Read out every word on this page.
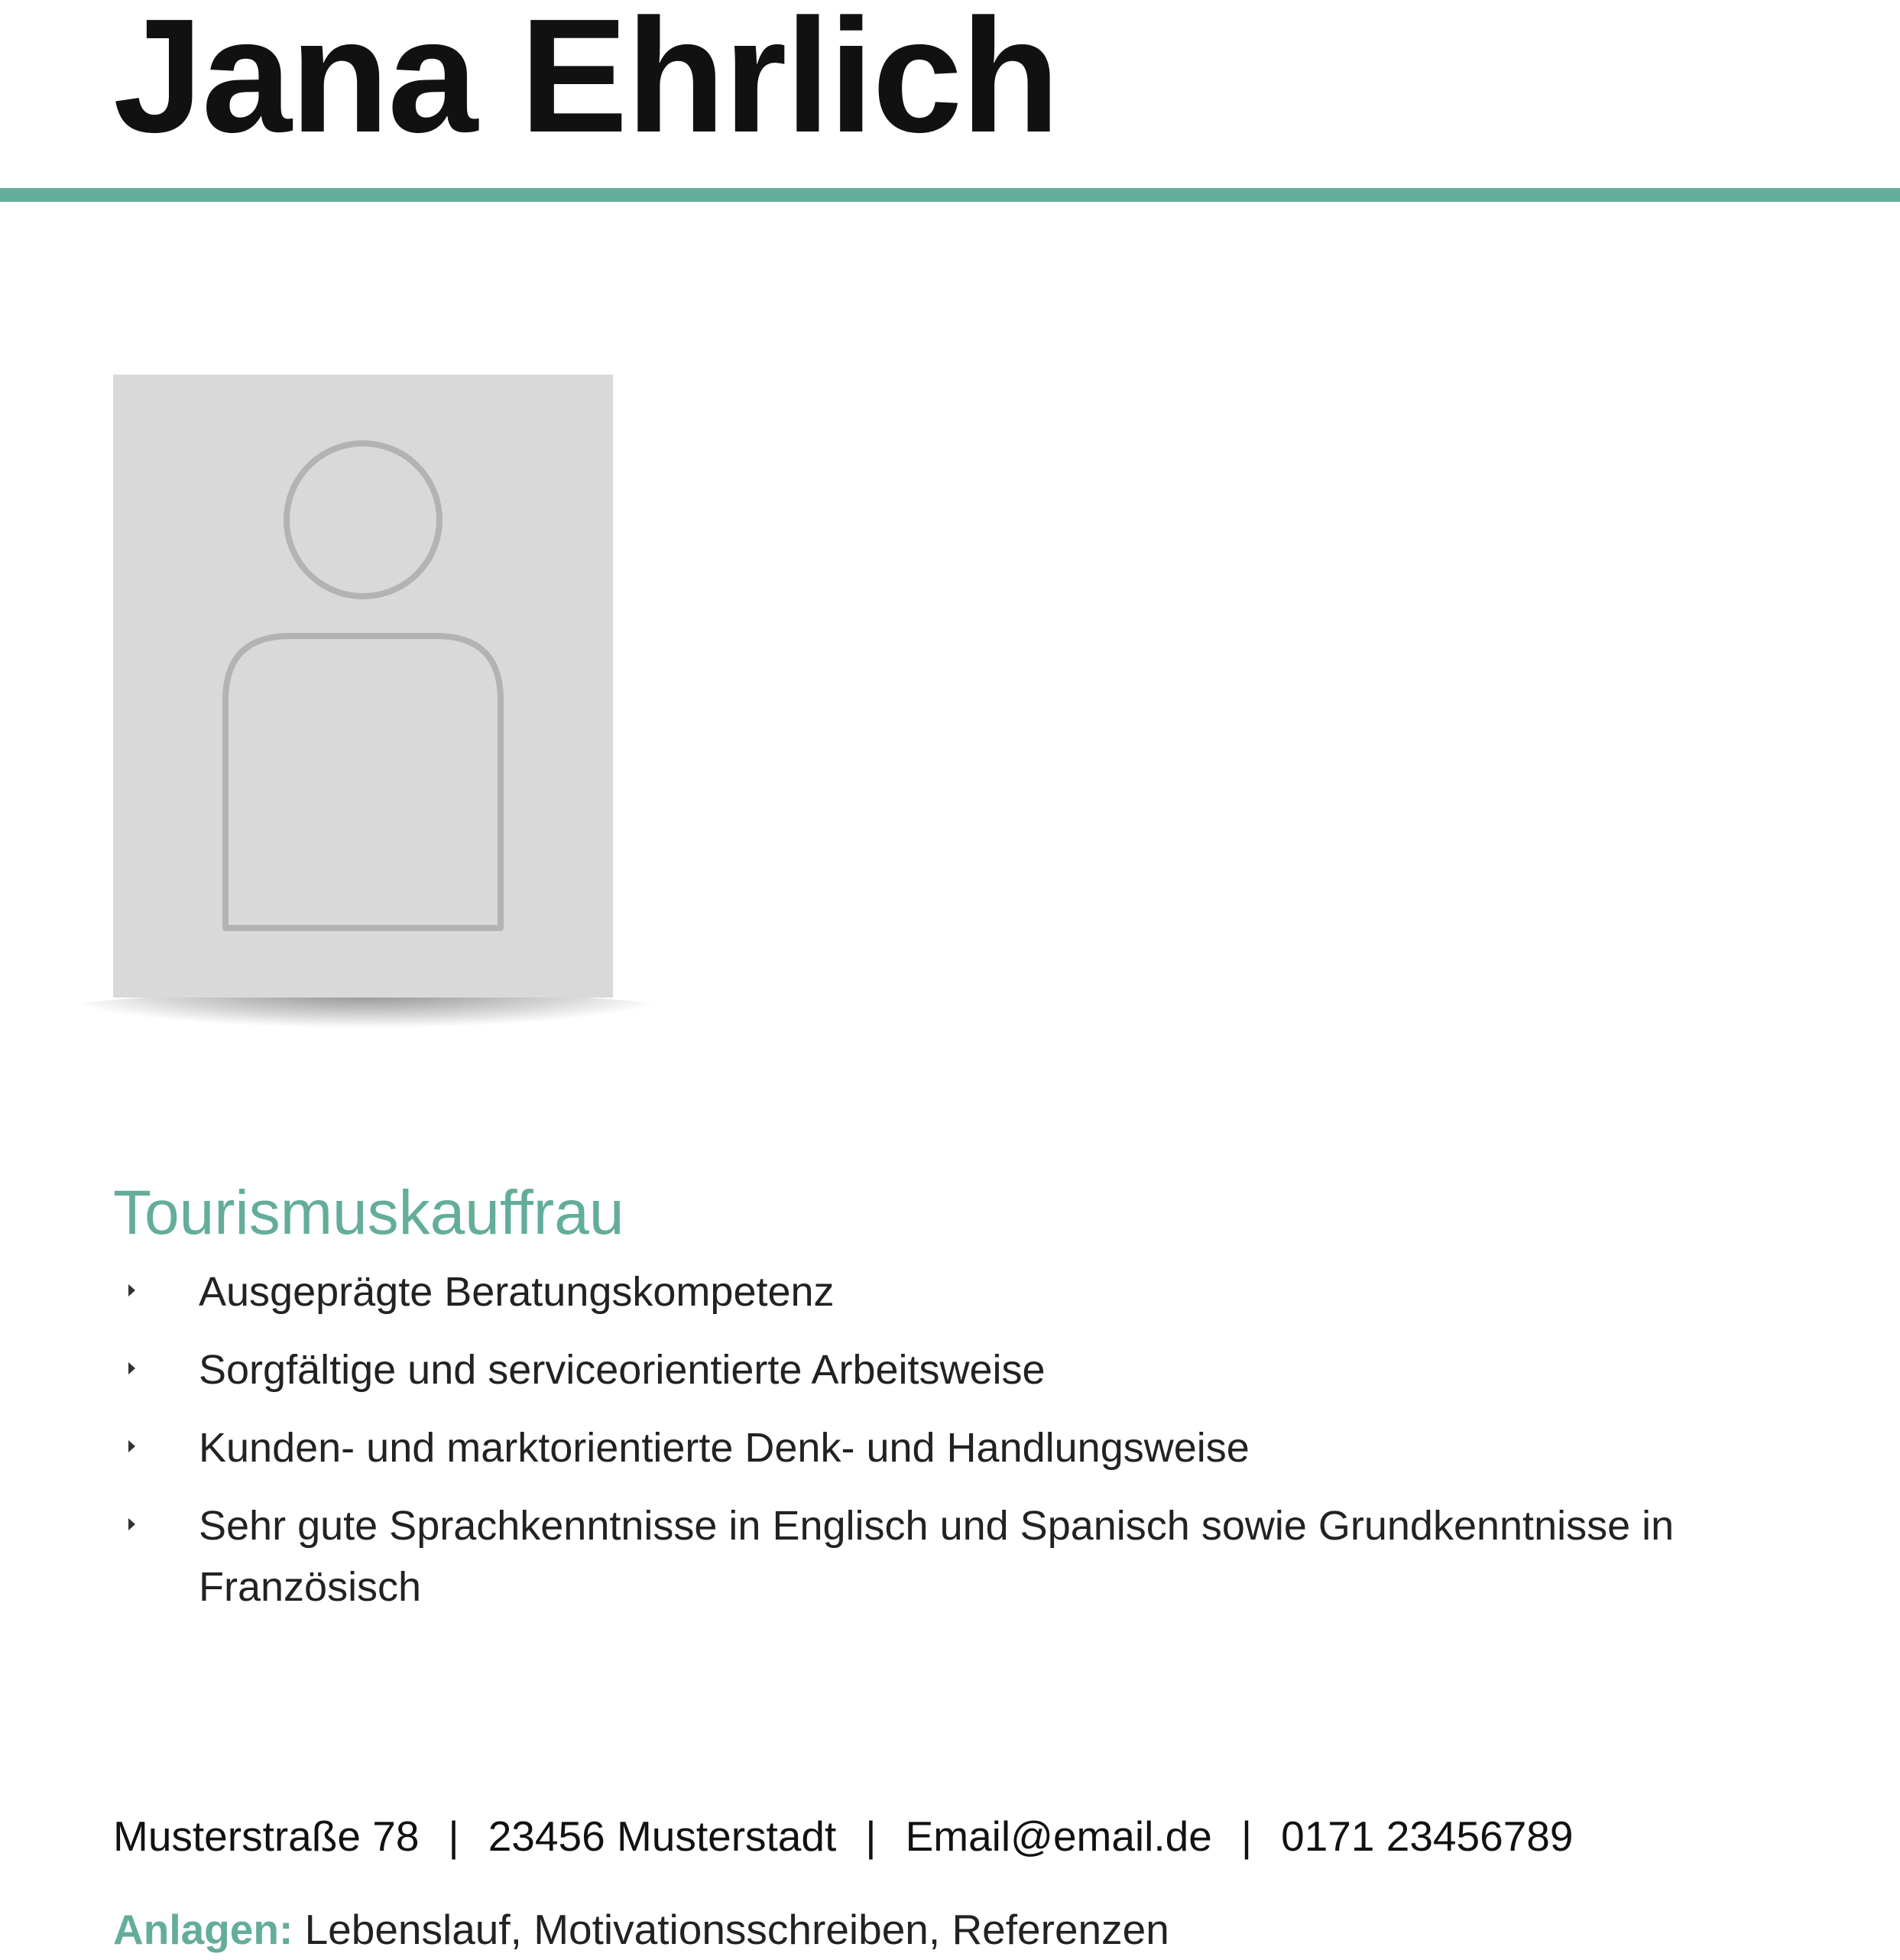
Jana Ehrlich
Tourismuskauffrau
Ausgeprägte Beratungskompetenz
Sorgfältige und serviceorientierte Arbeitsweise
Kunden- und marktorientierte Denk- und Handlungsweise
Sehr gute Sprachkenntnisse in Englisch und Spanisch sowie Grundkenntnisse in Französisch
Musterstraße 78 | 23456 Musterstadt | Email@email.de | 0171 23456789
Anlagen: Lebenslauf, Motivationsschreiben, Referenzen
